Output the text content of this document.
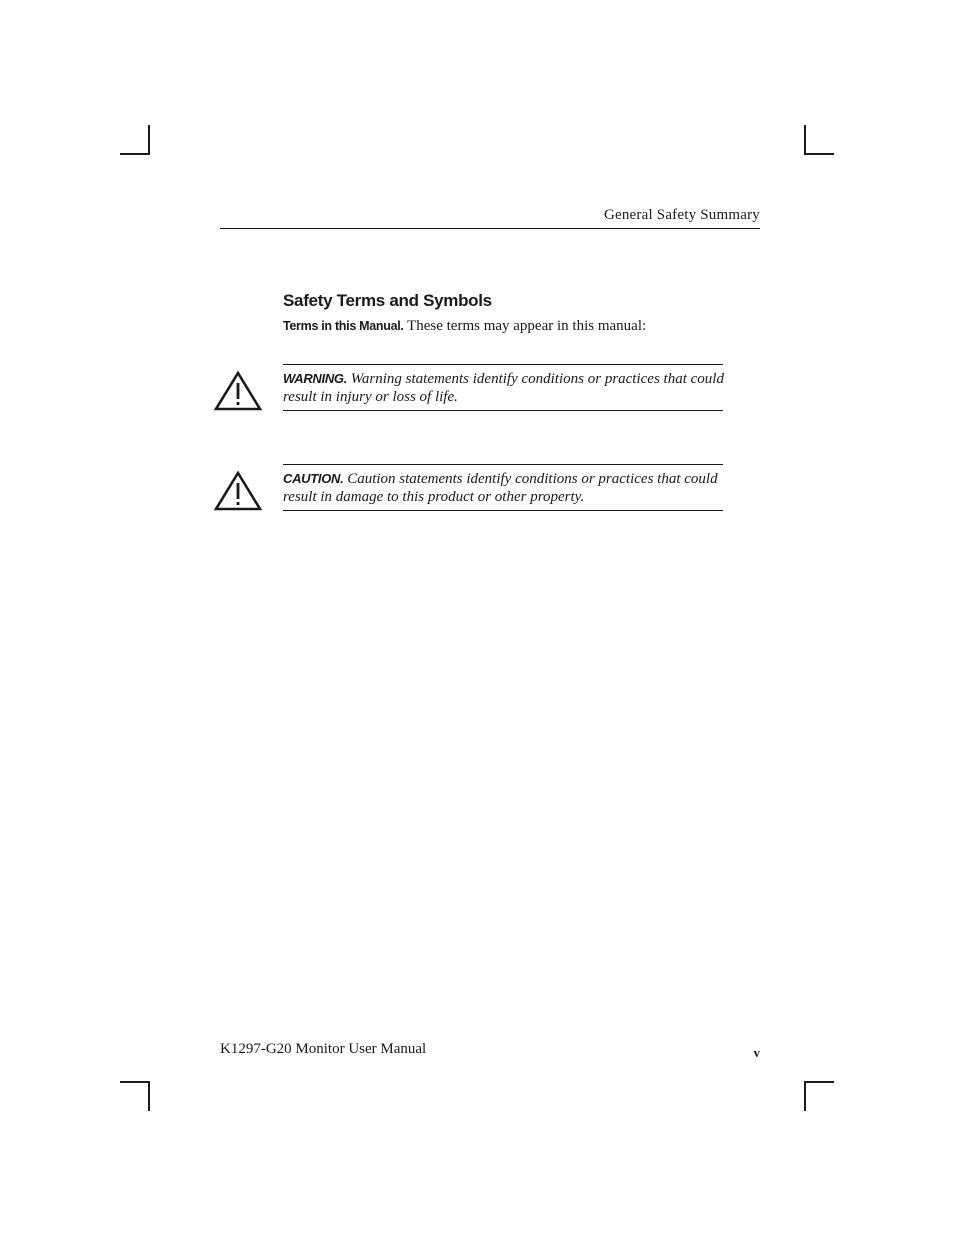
General Safety Summary
Safety Terms and Symbols
Terms in this Manual. These terms may appear in this manual:
WARNING. Warning statements identify conditions or practices that could result in injury or loss of life.
CAUTION. Caution statements identify conditions or practices that could result in damage to this product or other property.
K1297-G20 Monitor User Manual	v
